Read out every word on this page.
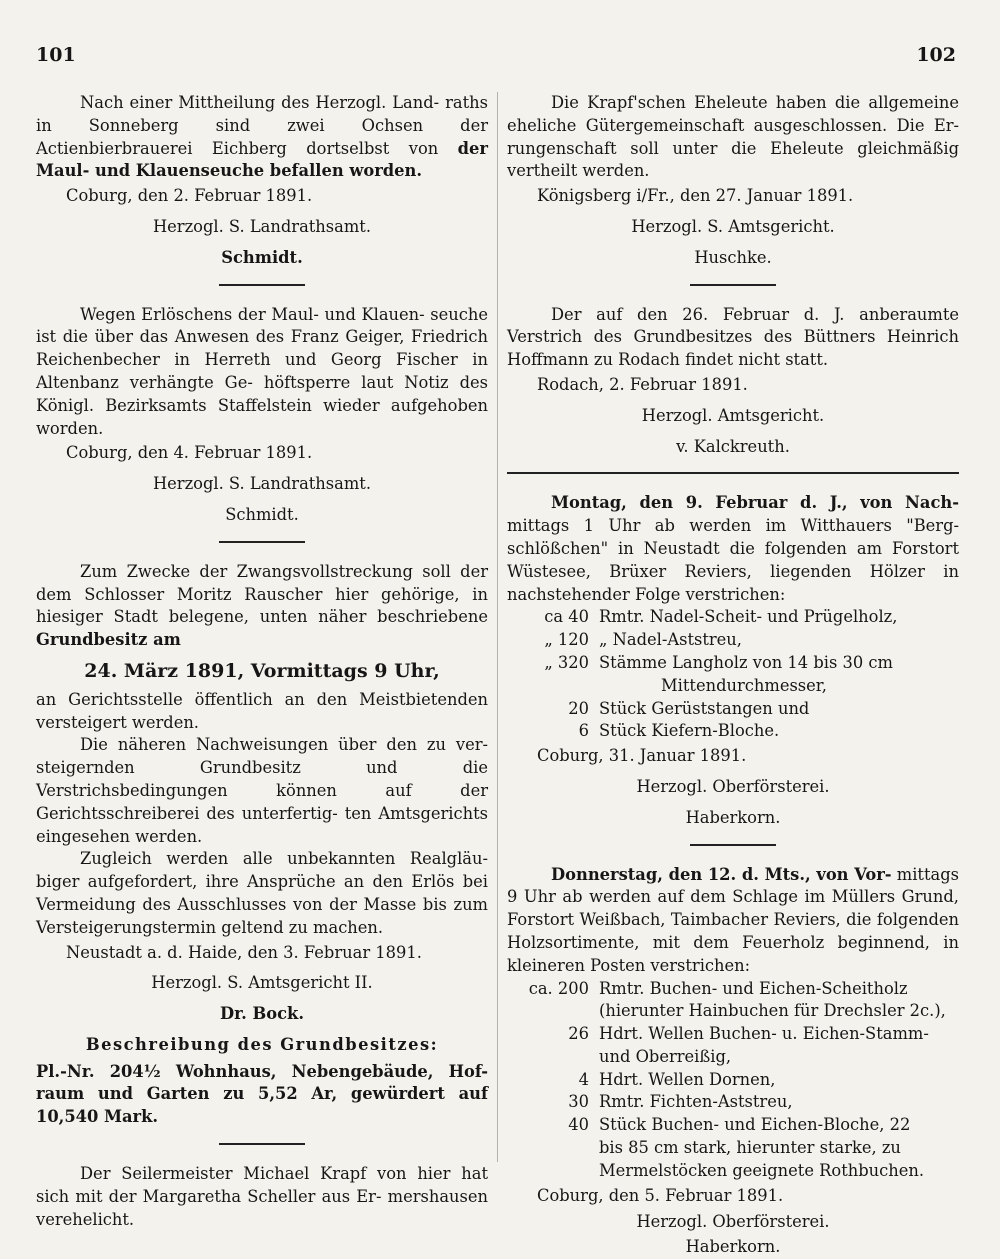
101	102
Nach einer Mittheilung des Herzogl. Land- raths in Sonneberg sind zwei Ochsen der Actienbierbrauerei Eichberg dortselbst von der Maul- und Klauenseuche befallen worden.
Coburg, den 2. Februar 1891.
Herzogl. S. Landrathsamt.
Schmidt.
Wegen Erlöschens der Maul- und Klauen- seuche ist die über das Anwesen des Franz Geiger, Friedrich Reichenbecher in Herreth und Georg Fischer in Altenbanz verhängte Ge- höftsperre laut Notiz des Königl. Bezirksamts Staffelstein wieder aufgehoben worden.
Coburg, den 4. Februar 1891.
Herzogl. S. Landrathsamt.
Schmidt.
Zum Zwecke der Zwangsvollstreckung soll der dem Schlosser Moritz Rauscher hier gehörige, in hiesiger Stadt belegene, unten näher beschriebene Grundbesitz am
24. März 1891, Vormittags 9 Uhr,
an Gerichtsstelle öffentlich an den Meistbietenden versteigert werden.
Die näheren Nachweisungen über den zu ver- steigernden Grundbesitz und die Verstrichsbedingungen	können auf der Gerichtsschreiberei des unterfertig- ten Amtsgerichts eingesehen werden.
Zugleich werden alle unbekannten Realgläu- biger aufgefordert, ihre Ansprüche an den Erlös bei Vermeidung des Ausschlusses von der Masse bis zum Versteigerungstermin geltend zu machen.
Neustadt a. d. Haide, den 3. Februar 1891.
Herzogl. S. Amtsgericht II.
Dr. Bock.
Beschreibung des Grundbesitzes:
Pl.-Nr. 204½ Wohnhaus, Nebengebäude, Hof- raum und Garten zu 5,52 Ar, gewürdert auf 10,540 Mark.
Der Seilermeister Michael Krapf von hier hat sich mit der Margaretha Scheller aus Er- mershausen verehelicht.
Die Krapf'schen Eheleute haben die allgemeine eheliche Gütergemeinschaft ausgeschlossen. Die Er- rungenschaft soll unter die Eheleute gleichmäßig vertheilt werden.
Königsberg i/Fr., den 27. Januar 1891.
Herzogl. S. Amtsgericht.
Huschke.
Der auf den 26. Februar d. J. anberaumte Verstrich des Grundbesitzes des Büttners Heinrich Hoffmann zu Rodach findet nicht statt.
Rodach, 2. Februar 1891.
Herzogl. Amtsgericht.
v. Kalckreuth.
Montag, den 9. Februar d. J., von Nach- mittags 1 Uhr ab werden im Witthauers "Berg- schlößchen" in Neustadt die folgenden am Forstort Wüstesee, Brüxer Reviers, liegenden Hölzer in nachstehender Folge verstrichen:
ca 40 Rmtr. Nadel-Scheit- und Prügelholz,
„ 120 „ Nadel-Aststreu,
„ 320 Stämme Langholz von 14 bis 30 cm
Mittendurchmesser,
20 Stück Gerüststangen und
6 Stück Kiefern-Bloche.
Coburg, 31. Januar 1891.
Herzogl. Oberförsterei.
Haberkorn.
Donnerstag, den 12. d. Mts., von Vor- mittags 9 Uhr ab werden auf dem Schlage im Müllers Grund, Forstort Weißbach, Taimbacher Reviers, die folgenden Holzsortimente, mit dem Feuerholz beginnend, in kleineren Posten verstrichen:
ca. 200 Rmtr. Buchen- und Eichen-Scheitholz
(hierunter Hainbuchen für Drechsler 2c.),
26 Hdrt. Wellen Buchen- u. Eichen-Stamm-
und Oberreißig,
4 Hdrt. Wellen Dornen,
30 Rmtr. Fichten-Aststreu,
40 Stück Buchen- und Eichen-Bloche, 22
bis 85 cm stark, hierunter starke, zu
Mermelstöcken geeignete Rothbuchen.
Coburg, den 5. Februar 1891.
Herzogl. Oberförsterei.
Haberkorn.
